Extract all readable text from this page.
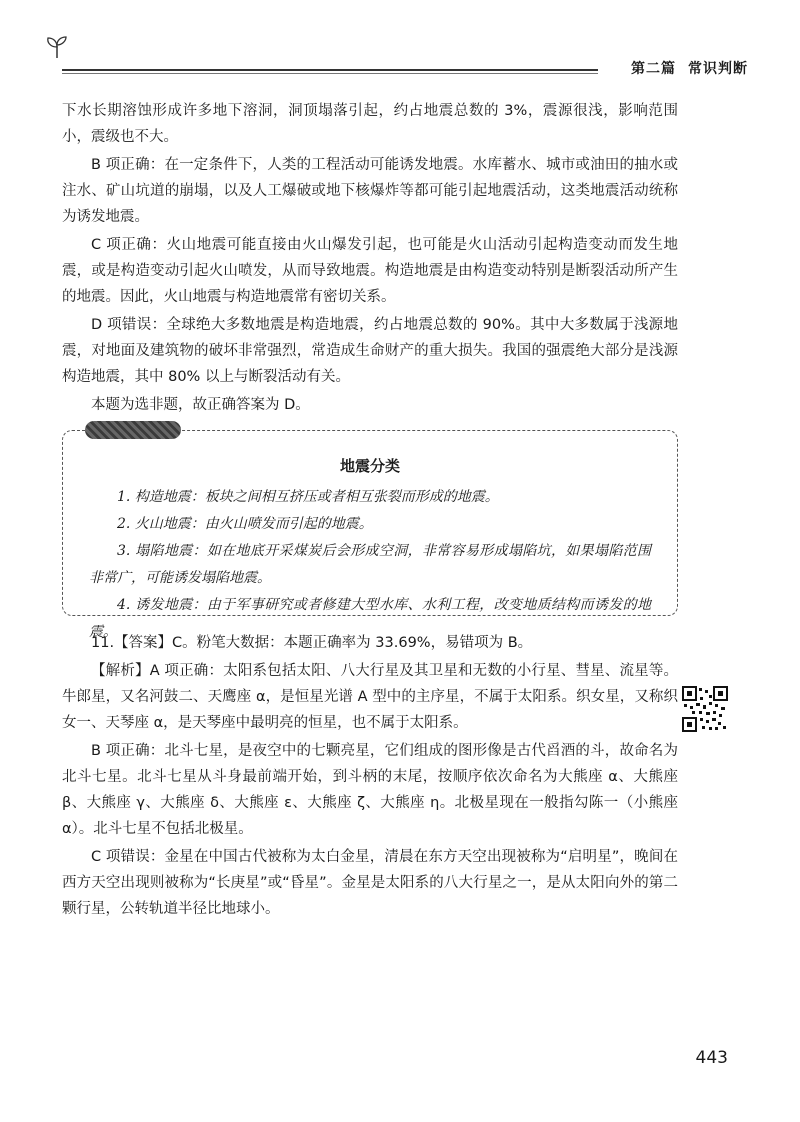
第二篇 常识判断

下水长期溶蚀形成许多地下溶洞，洞顶塌落引起，约占地震总数的 3%，震源很浅，影响范围小，震级也不大。

B 项正确：在一定条件下，人类的工程活动可能诱发地震。水库蓄水、城市或油田的抽水或注水、矿山坑道的崩塌，以及人工爆破或地下核爆炸等都可能引起地震活动，这类地震活动统称为诱发地震。

C 项正确：火山地震可能直接由火山爆发引起，也可能是火山活动引起构造变动而发生地震，或是构造变动引起火山喷发，从而导致地震。构造地震是由构造变动特别是断裂活动所产生的地震。因此，火山地震与构造地震常有密切关系。

D 项错误：全球绝大多数地震是构造地震，约占地震总数的 90%。其中大多数属于浅源地震，对地面及建筑物的破坏非常强烈，常造成生命财产的重大损失。我国的强震绝大部分是浅源构造地震，其中 80% 以上与断裂活动有关。

本题为选非题，故正确答案为 D。

地震分类

1. 构造地震：板块之间相互挤压或者相互张裂而形成的地震。

2. 火山地震：由火山喷发而引起的地震。

3. 塌陷地震：如在地底开采煤炭后会形成空洞，非常容易形成塌陷坑，如果塌陷范围非常广，可能诱发塌陷地震。

4. 诱发地震：由于军事研究或者修建大型水库、水利工程，改变地质结构而诱发的地震。

11.【答案】C。粉笔大数据：本题正确率为 33.69%，易错项为 B。

【解析】A 项正确：太阳系包括太阳、八大行星及其卫星和无数的小行星、彗星、流星等。牛郎星，又名河鼓二、天鹰座 α，是恒星光谱 A 型中的主序星，不属于太阳系。织女星，又称织女一、天琴座 α，是天琴座中最明亮的恒星，也不属于太阳系。

B 项正确：北斗七星，是夜空中的七颗亮星，它们组成的图形像是古代舀酒的斗，故命名为北斗七星。北斗七星从斗身最前端开始，到斗柄的末尾，按顺序依次命名为大熊座 α、大熊座 β、大熊座 γ、大熊座 δ、大熊座 ε、大熊座 ζ、大熊座 η。北极星现在一般指勾陈一（小熊座 α）。北斗七星不包括北极星。

C 项错误：金星在中国古代被称为太白金星，清晨在东方天空出现被称为“启明星”，晚间在西方天空出现则被称为“长庚星”或“昏星”。金星是太阳系的八大行星之一，是从太阳向外的第二颗行星，公转轨道半径比地球小。

443
